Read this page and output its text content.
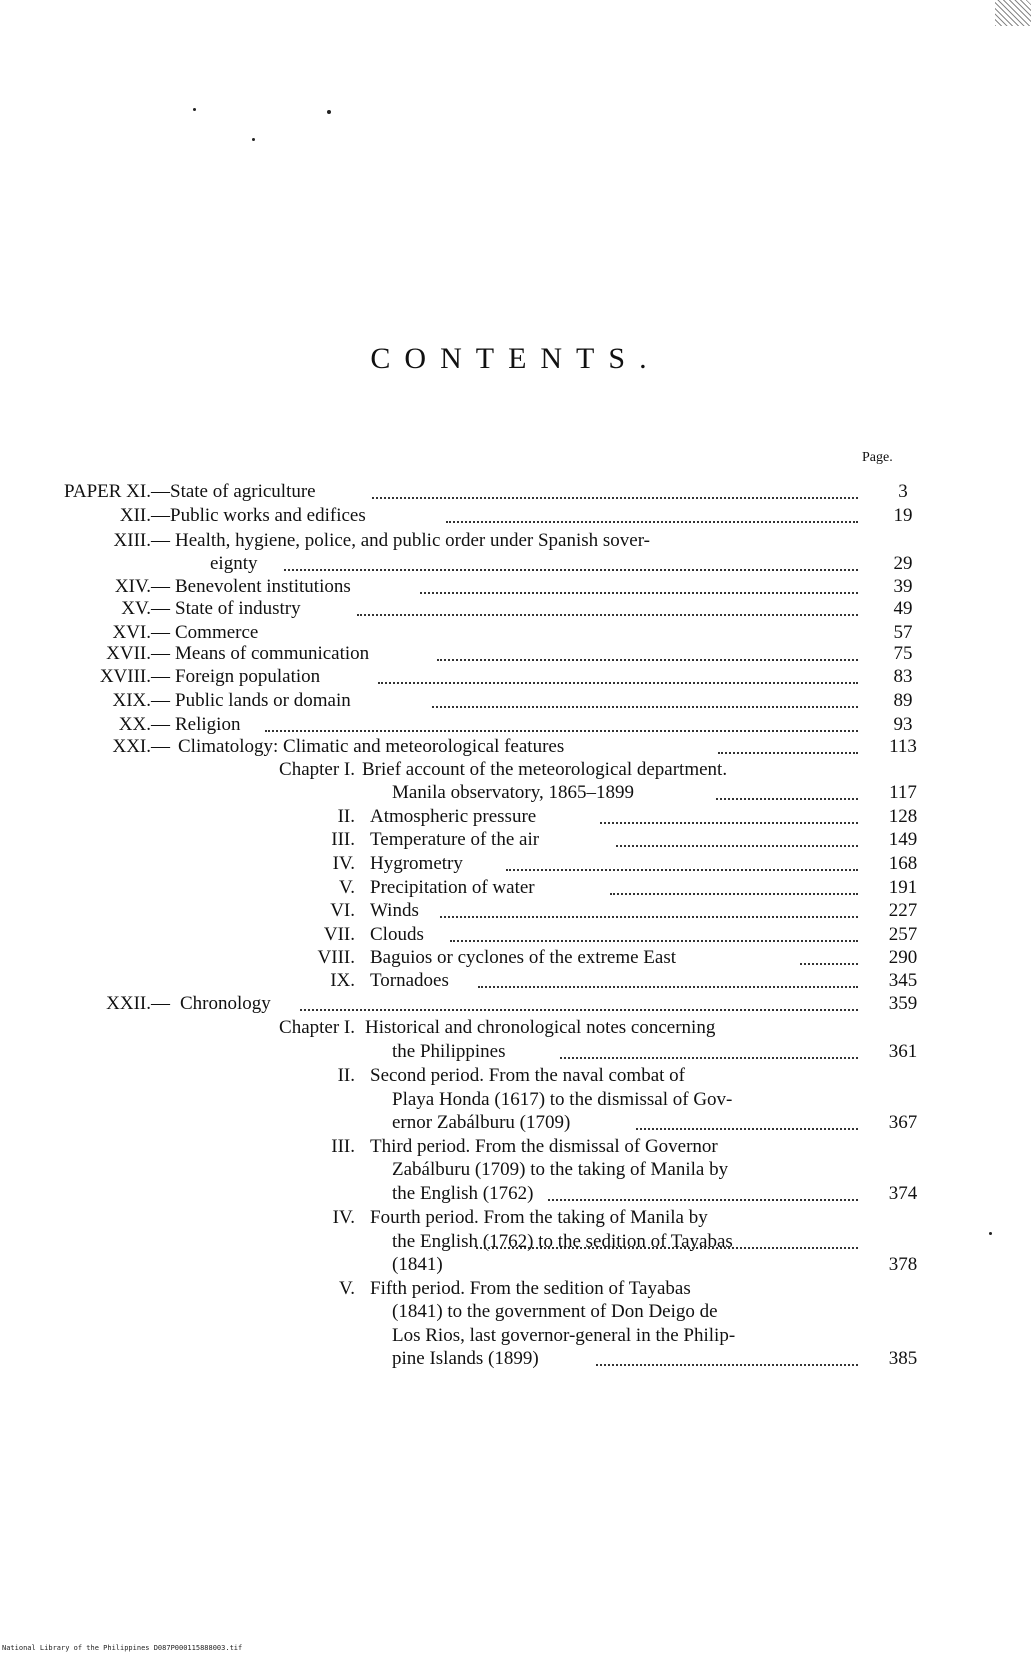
CONTENTS.
Page.
PAPER XI.— State of agriculture	3
XII.— Public works and edifices	19
XIII.— Health, hygiene, police, and public order under Spanish sover-
eignty	29
XIV.— Benevolent institutions	39
XV.— State of industry	49
XVI.— Commerce	57
XVII.— Means of communication	75
XVIII.— Foreign population	83
XIX.— Public lands or domain	89
XX.— Religion	93
XXI.— Climatology: Climatic and meteorological features	113
Chapter I. Brief account of the meteorological department.
Manila observatory, 1865–1899	117
II. Atmospheric pressure	128
III. Temperature of the air	149
IV. Hygrometry	168
V. Precipitation of water	191
VI. Winds	227
VII. Clouds	257
VIII. Baguios or cyclones of the extreme East	290
IX. Tornadoes	345
XXII.— Chronology	359
Chapter I. Historical and chronological notes concerning
the Philippines	361
II. Second period. From the naval combat of
Playa Honda (1617) to the dismissal of Gov-
ernor Zabálburu (1709)	367
III. Third period. From the dismissal of Governor
Zabálburu (1709) to the taking of Manila by
the English (1762)	374
IV. Fourth period. From the taking of Manila by
the English (1762) to the sedition of Tayabas
(1841)	378
V. Fifth period. From the sedition of Tayabas
(1841) to the government of Don Deigo de
Los Rios, last governor-general in the Philip-
pine Islands (1899)	385
National Library of the Philippines D087P000115888003.tif
